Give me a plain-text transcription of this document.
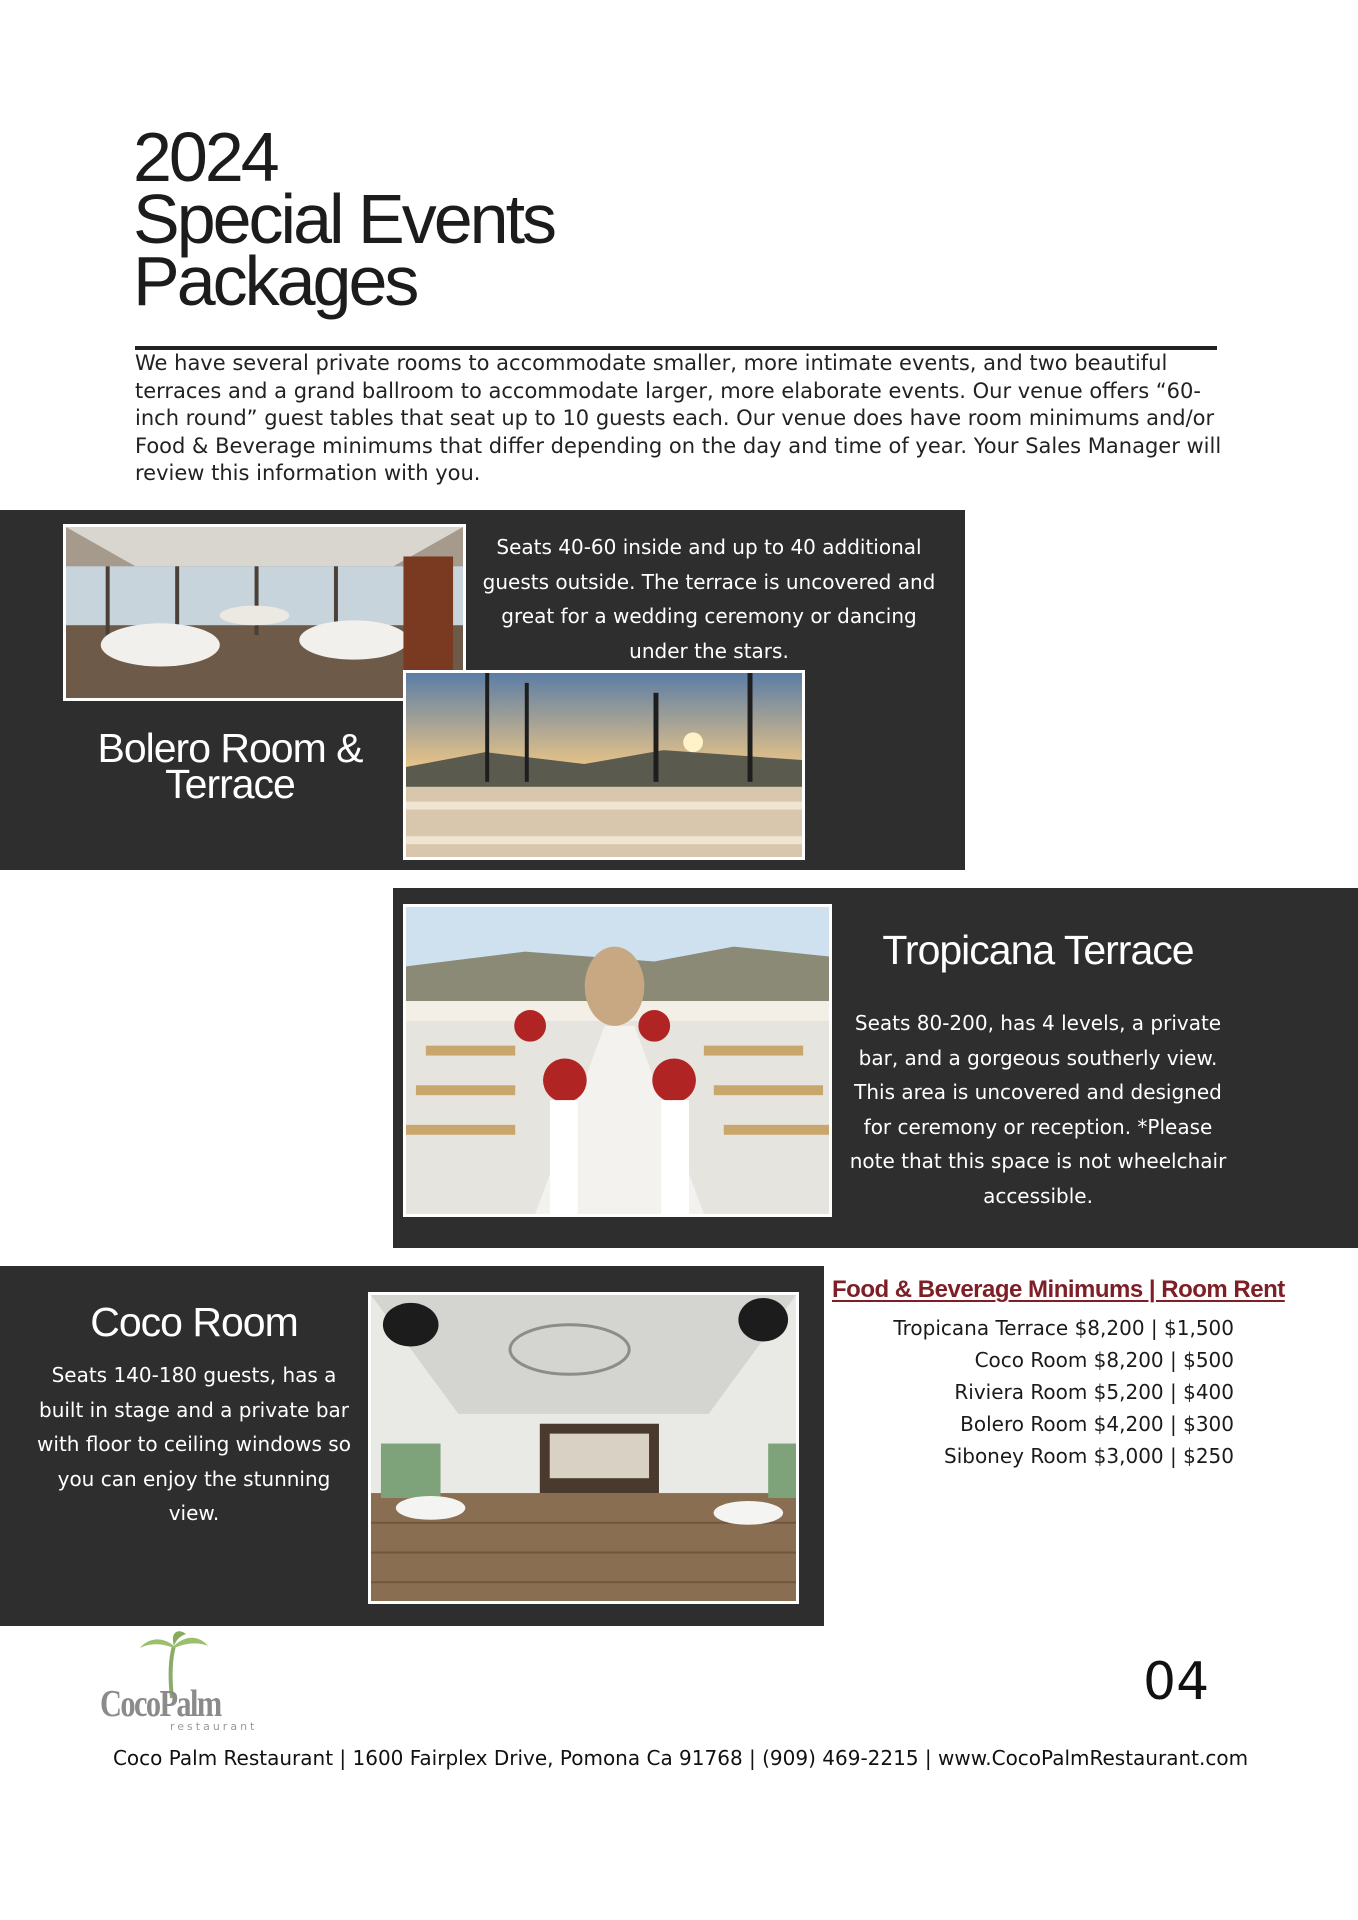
2024
Special Events
Packages

We have several private rooms to accommodate smaller, more intimate events, and two beautiful terraces and a grand ballroom to accommodate larger, more elaborate events. Our venue offers “60-inch round” guest tables that seat up to 10 guests each. Our venue does have room minimums and/or Food & Beverage minimums that differ depending on the day and time of year. Your Sales Manager will review this information with you.

Seats 40-60 inside and up to 40 additional guests outside. The terrace is uncovered and great for a wedding ceremony or dancing under the stars.

Bolero Room &
Terrace
Tropicana Terrace

Seats 80-200, has 4 levels, a private bar, and a gorgeous southerly view. This area is uncovered and designed for ceremony or reception. *Please note that this space is not wheelchair accessible.

Coco Room

Seats 140-180 guests, has a built in stage and a private bar with floor to ceiling windows so you can enjoy the stunning view.

Food & Beverage Minimums | Room Rent
Tropicana Terrace $8,200 | $1,500
Coco Room $8,200 | $500
Riviera Room $5,200 | $400
Bolero Room $4,200 | $300
Siboney Room $3,000 | $250

CocoPalm

restaurant

04

Coco Palm Restaurant | 1600 Fairplex Drive, Pomona Ca 91768 | (909) 469-2215 | www.CocoPalmRestaurant.com
